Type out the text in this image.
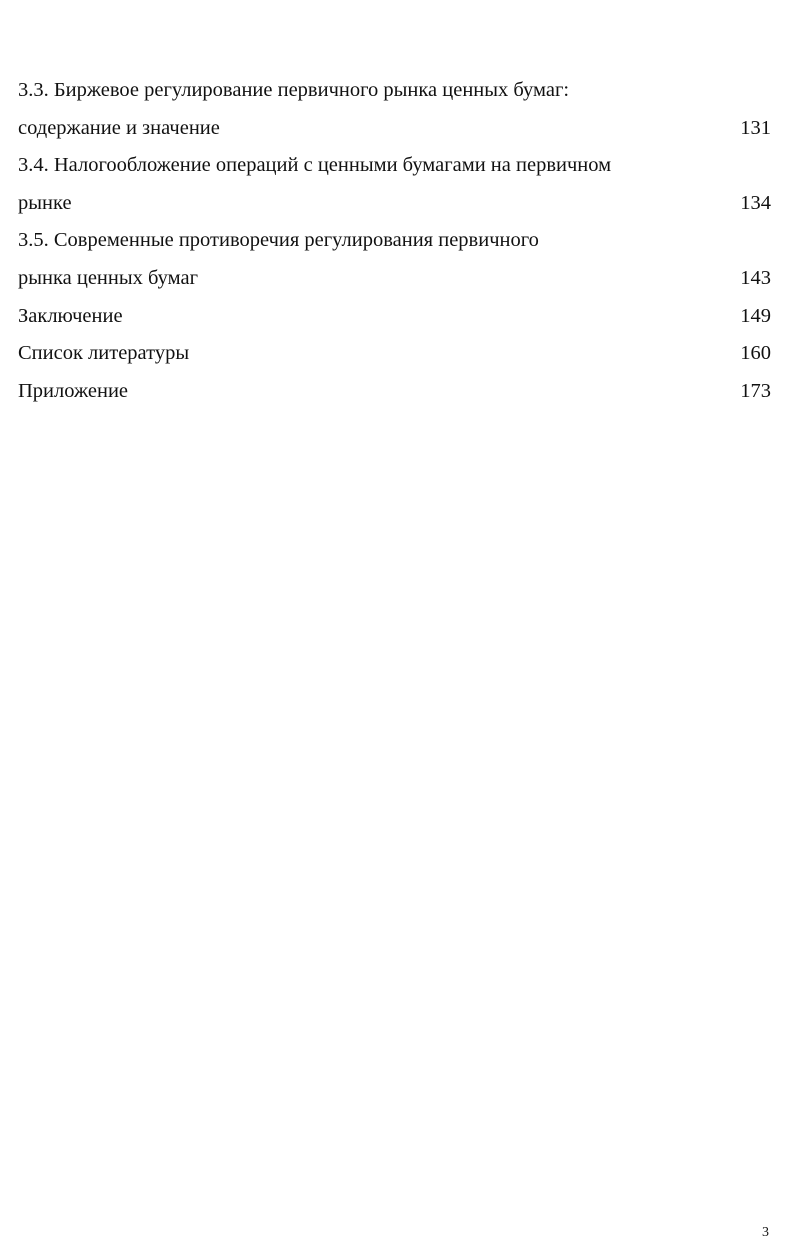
3.3. Биржевое регулирование первичного рынка ценных бумаг:
содержание и значение	131
3.4. Налогообложение операций с ценными бумагами на первичном
рынке	134
3.5. Современные противоречия регулирования первичного
рынка ценных бумаг	143
Заключение	149
Список литературы	160
Приложение	173
3
